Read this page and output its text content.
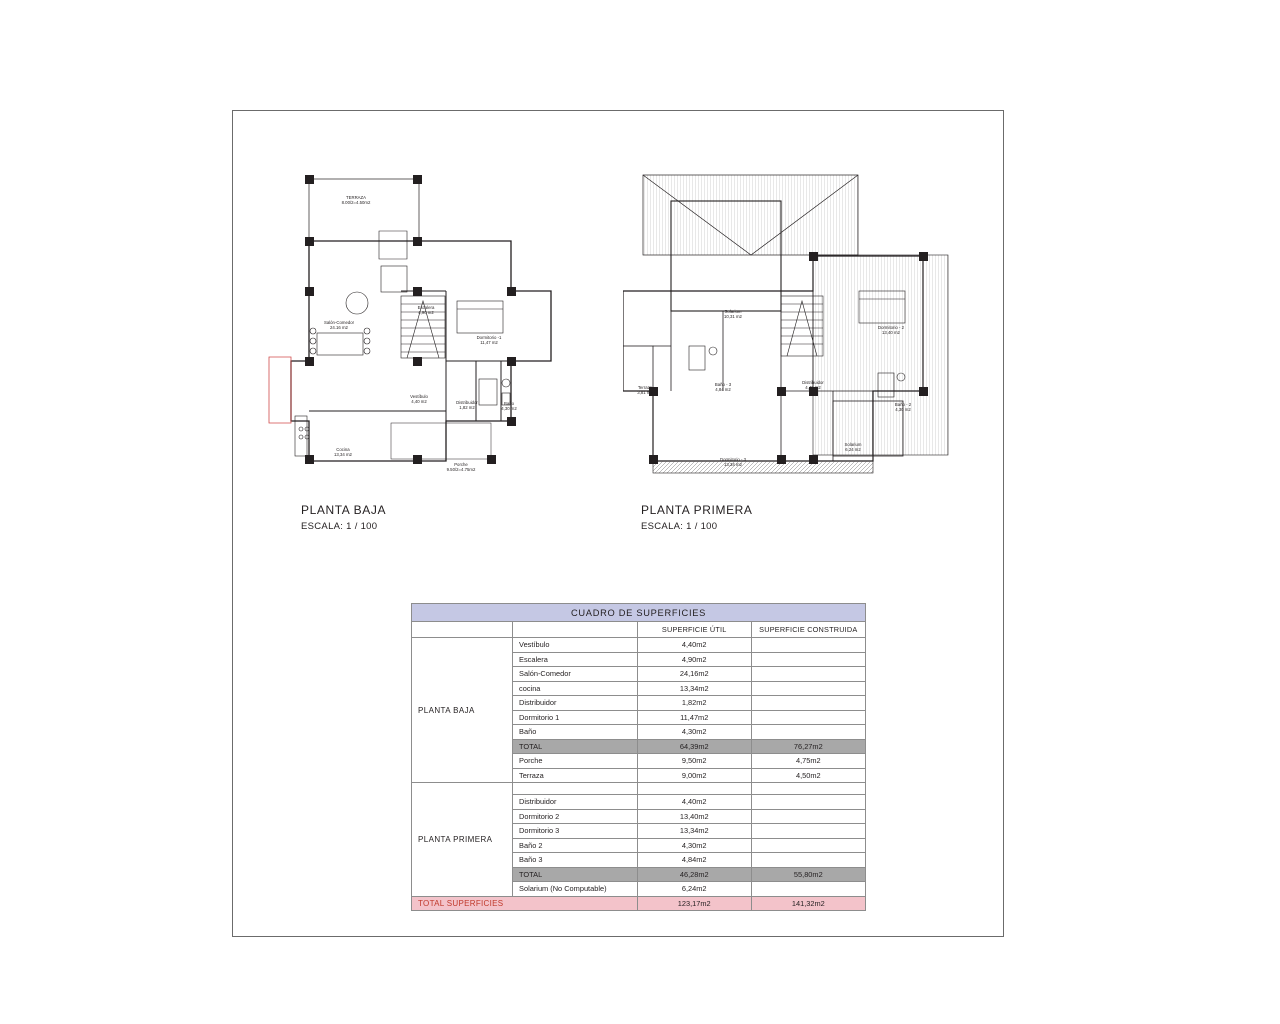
TERRAZA 8.00/2=4.50m2
Salón-Comedor 24.16 m2
Escalera 4,90 m2
Dormitorio -1 11,47 m2
Vestíbulo 4,40 m2	Distribuidor 1,82 m2
Baño 4,30 m2
Cocina 13,34 m2
Porche 9.50/2=4.75m2
PLANTA BAJA
ESCALA: 1 / 100
Solarium 10,31 m2
Dormitorio - 2 13,40 m2
Terraza 3,81 m2
Baño - 3 4,84 m2
Distribuidor 4,40 m2
Baño - 2 4,30 m2
Dormitorio - 3 13,34 m2
Solarium 6,24 m2
PLANTA PRIMERA
ESCALA: 1 / 100
CUADRO DE SUPERFICIES			
		SUPERFICIE ÚTIL	SUPERFICIE CONSTRUIDA
PLANTA BAJA	Vestíbulo	4,40m2	
	Escalera	4,90m2	
	Salón-Comedor	24,16m2	
	cocina	13,34m2	
	Distribuidor	1,82m2	
	Dormitorio 1	11,47m2	
	Baño	4,30m2	
	TOTAL	64,39m2	76,27m2
	Porche	9,50m2	4,75m2
	Terraza	9,00m2	4,50m2
PLANTA PRIMERA			
	Distribuidor	4,40m2	
	Dormitorio 2	13,40m2	
	Dormitorio 3	13,34m2	
	Baño 2	4,30m2	
	Baño 3	4,84m2	
	TOTAL	46,28m2	55,80m2
	Solarium (No Computable)	6,24m2	
TOTAL SUPERFICIES		123,17m2	141,32m2
